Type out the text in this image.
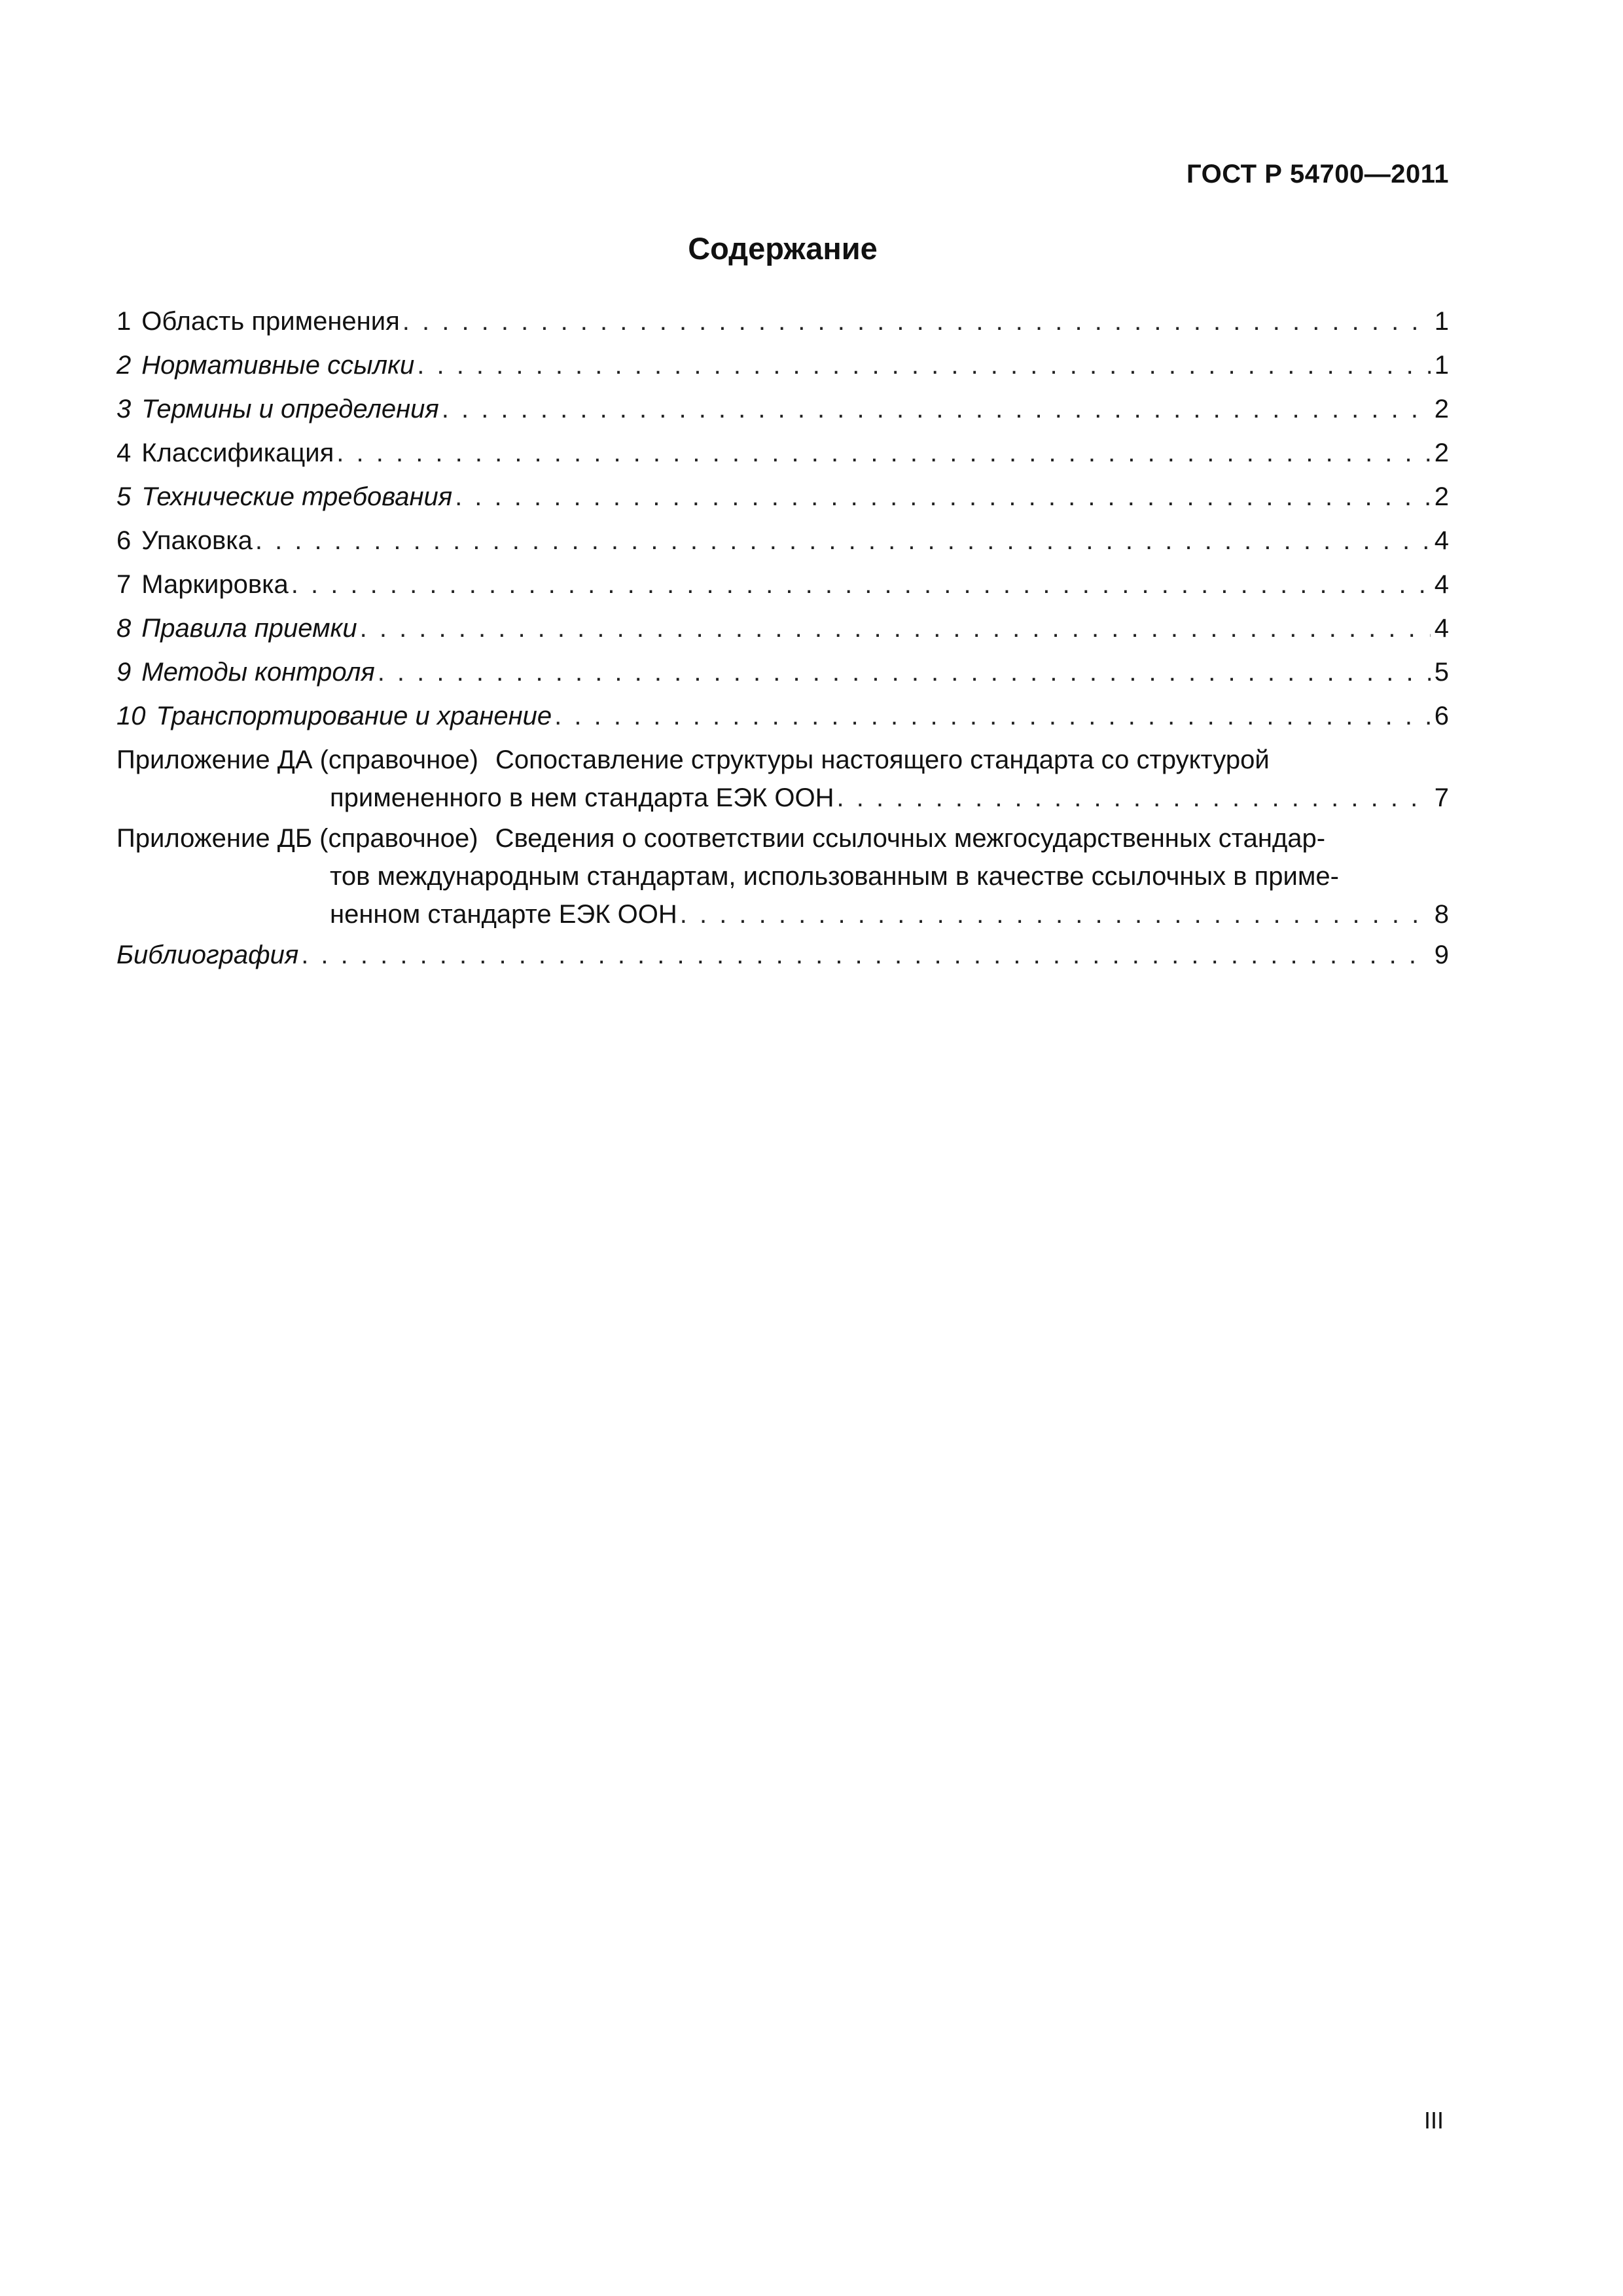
ГОСТ Р 54700—2011
Содержание
1 Область применения . . .	1
2 Нормативные ссылки . . .	1
3 Термины и определения . . .	2
4 Классификация . . .	2
5 Технические требования . . .	2
6 Упаковка . . .	4
7 Маркировка . . .	4
8 Правила приемки . . .	4
9 Методы контроля . . .	5
10 Транспортирование и хранение . . .	6
Приложение ДА (справочное) Сопоставление структуры настоящего стандарта со структурой
примененного в нем стандарта ЕЭК ООН . . .	7
Приложение ДБ (справочное) Сведения о соответствии ссылочных межгосударственных стандар-
тов международным стандартам, использованным в качестве ссылочных в приме-
ненном стандарте ЕЭК ООН . . .	8
Библиография . . .	9
III
